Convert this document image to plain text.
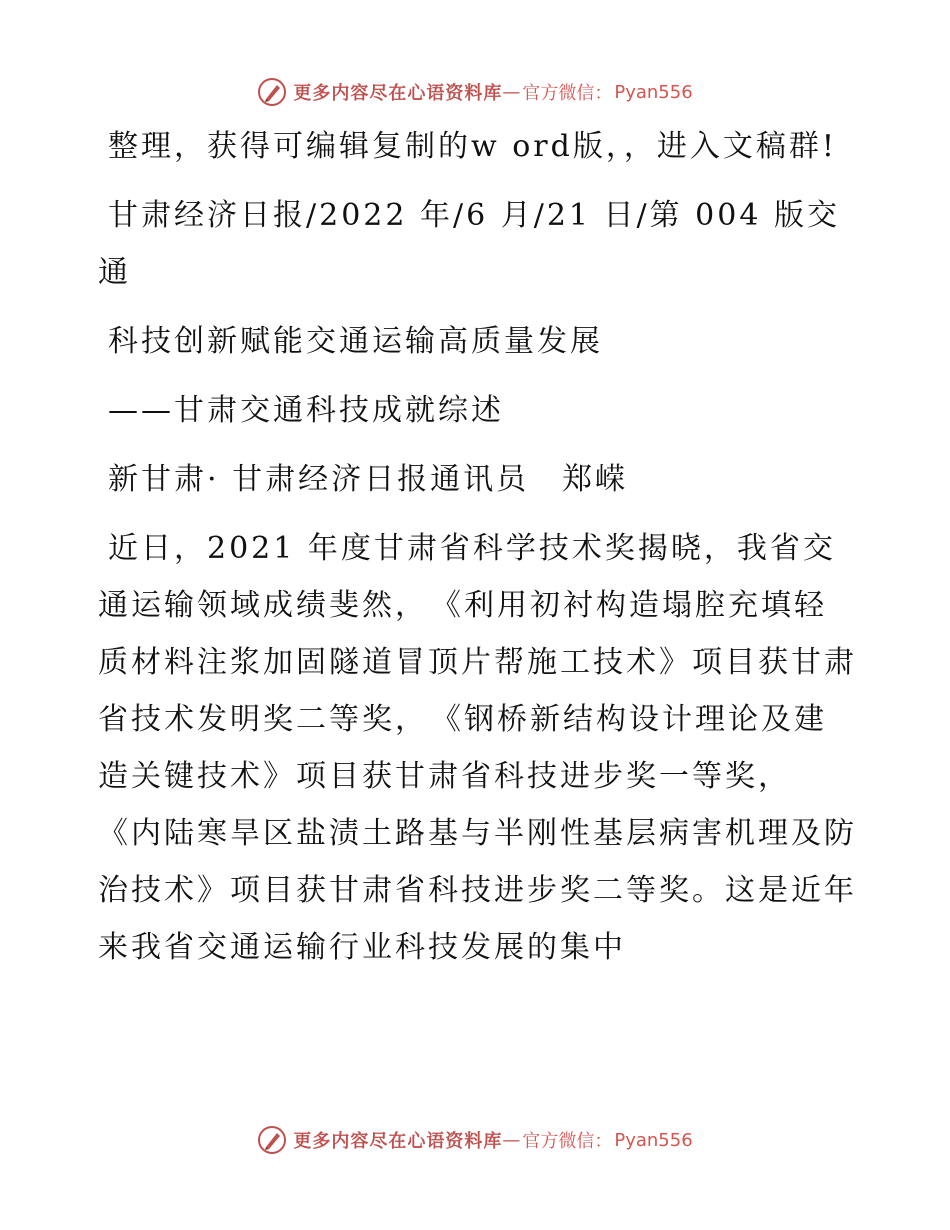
更多内容尽在心语资料库 — 官方微信： Pyan556

整理，获得可编辑复制的w ord版，，进入文稿群!

甘肃经济日报/2022 年/6 月/21 日/第 004 版交通

科技创新赋能交通运输高质量发展

——甘肃交通科技成就综述

新甘肃· 甘肃经济日报通讯员　郑嵘

近日，2021 年度甘肃省科学技术奖揭晓，我省交通运输领域成绩斐然，　《利用初衬构造塌腔充填轻质材料注浆加固隧道冒顶片帮施工技术》项目获甘肃省技术发明奖二等奖，　《钢桥新结构设计理论及建造关键技术》项目获甘肃省科技进步奖一等奖，　《内陆寒旱区盐渍土路基与半刚性基层病害机理及防治技术》项目获甘肃省科技进步奖二等奖。这是近年来我省交通运输行业科技发展的集中

更多内容尽在心语资料库 — 官方微信： Pyan556
